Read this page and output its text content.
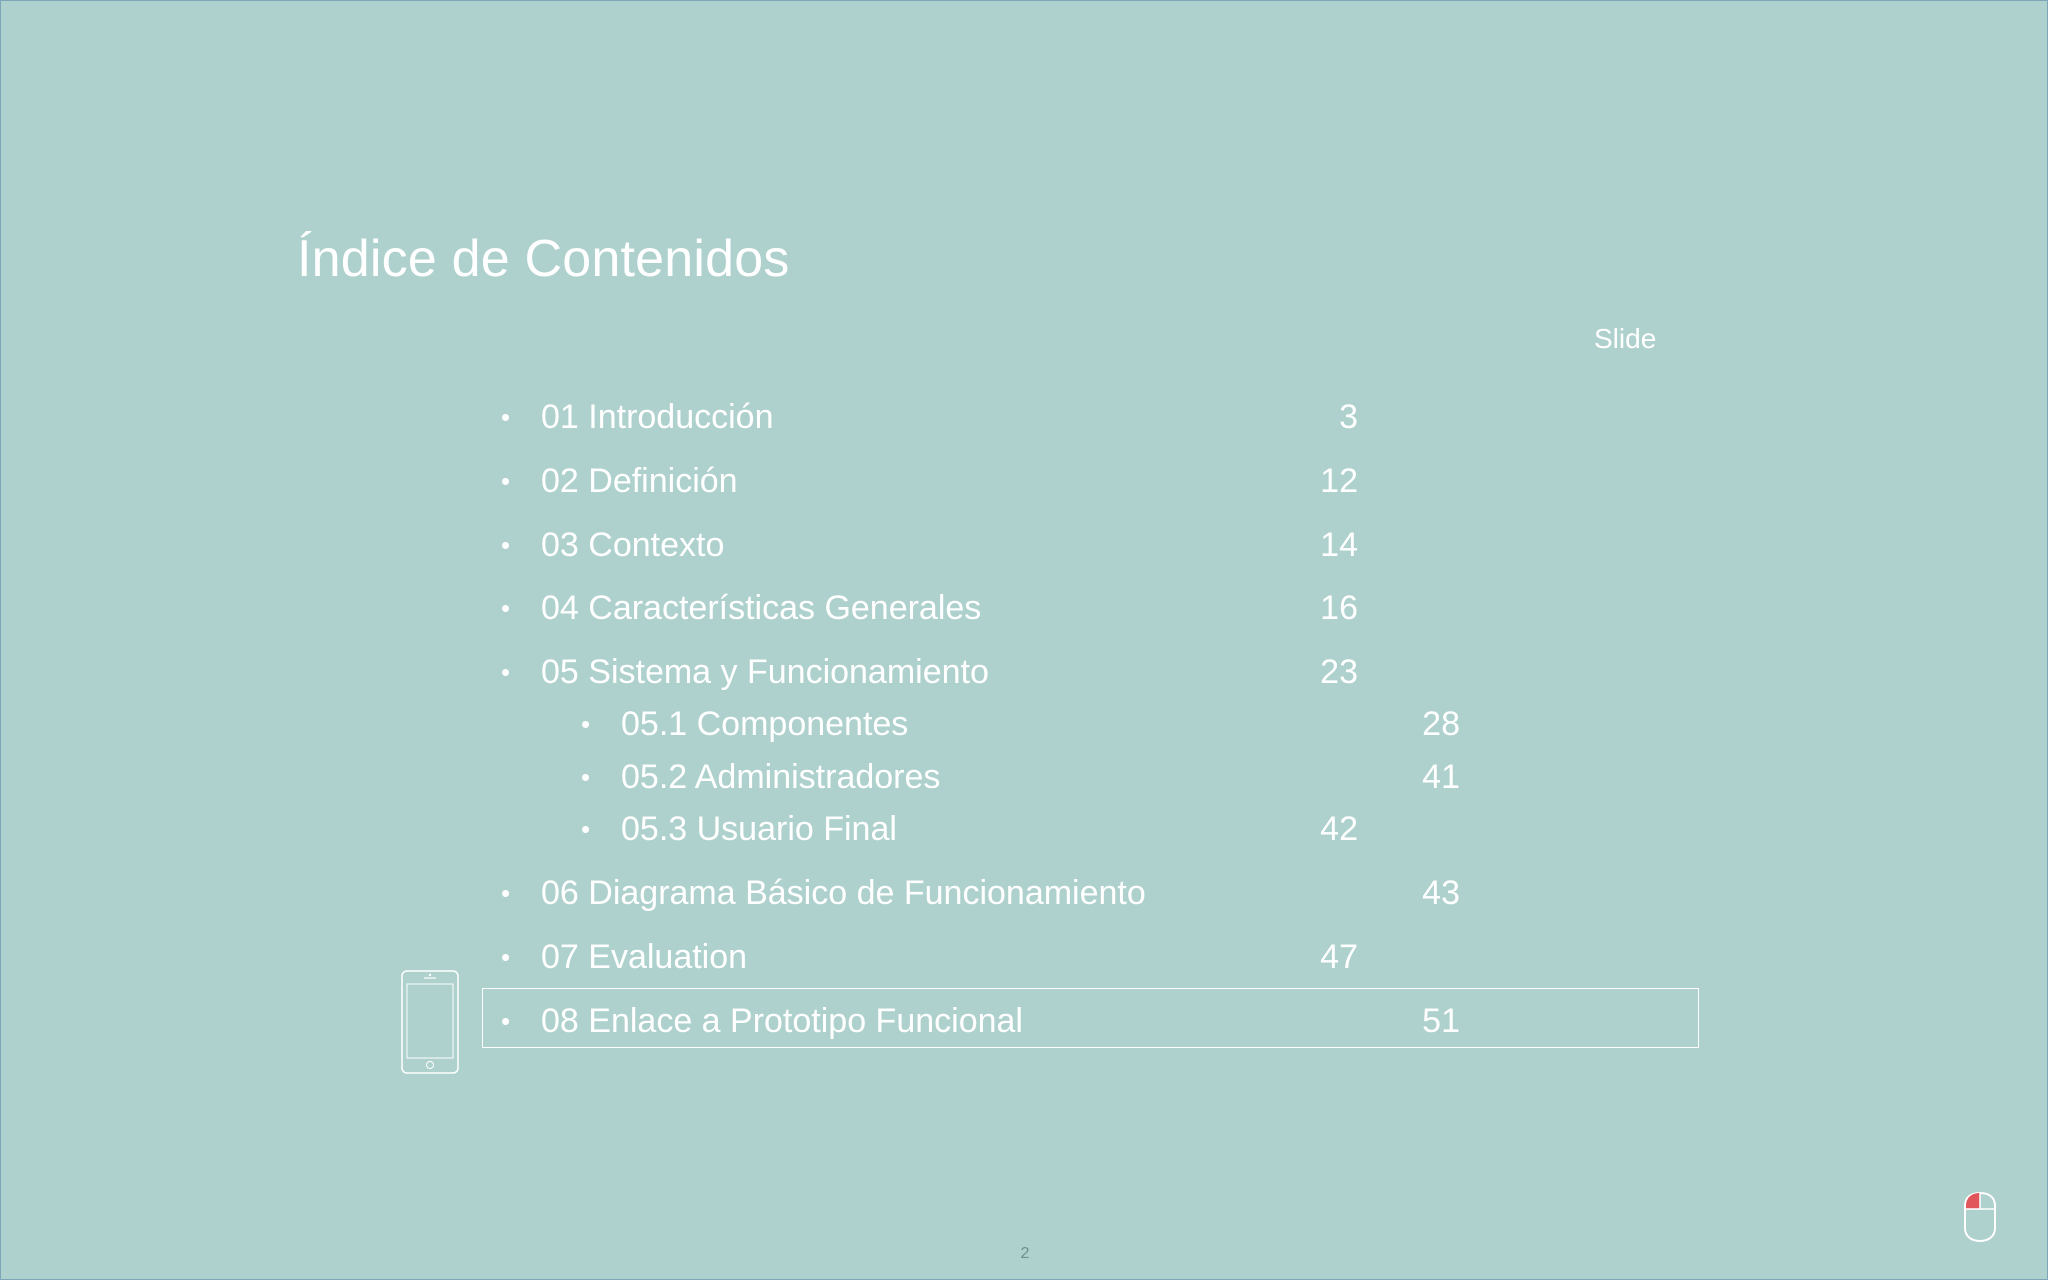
Índice de Contenidos
Slide
• 01 Introducción	3
• 02 Definición	12
• 03 Contexto	14
• 04 Características Generales	16
• 05 Sistema y Funcionamiento	23
• 05.1 Componentes	28
• 05.2 Administradores	41
• 05.3 Usuario Final	42
• 06 Diagrama Básico de Funcionamiento	43
• 07 Evaluation	47
• 08 Enlace a Prototipo Funcional	51
2
